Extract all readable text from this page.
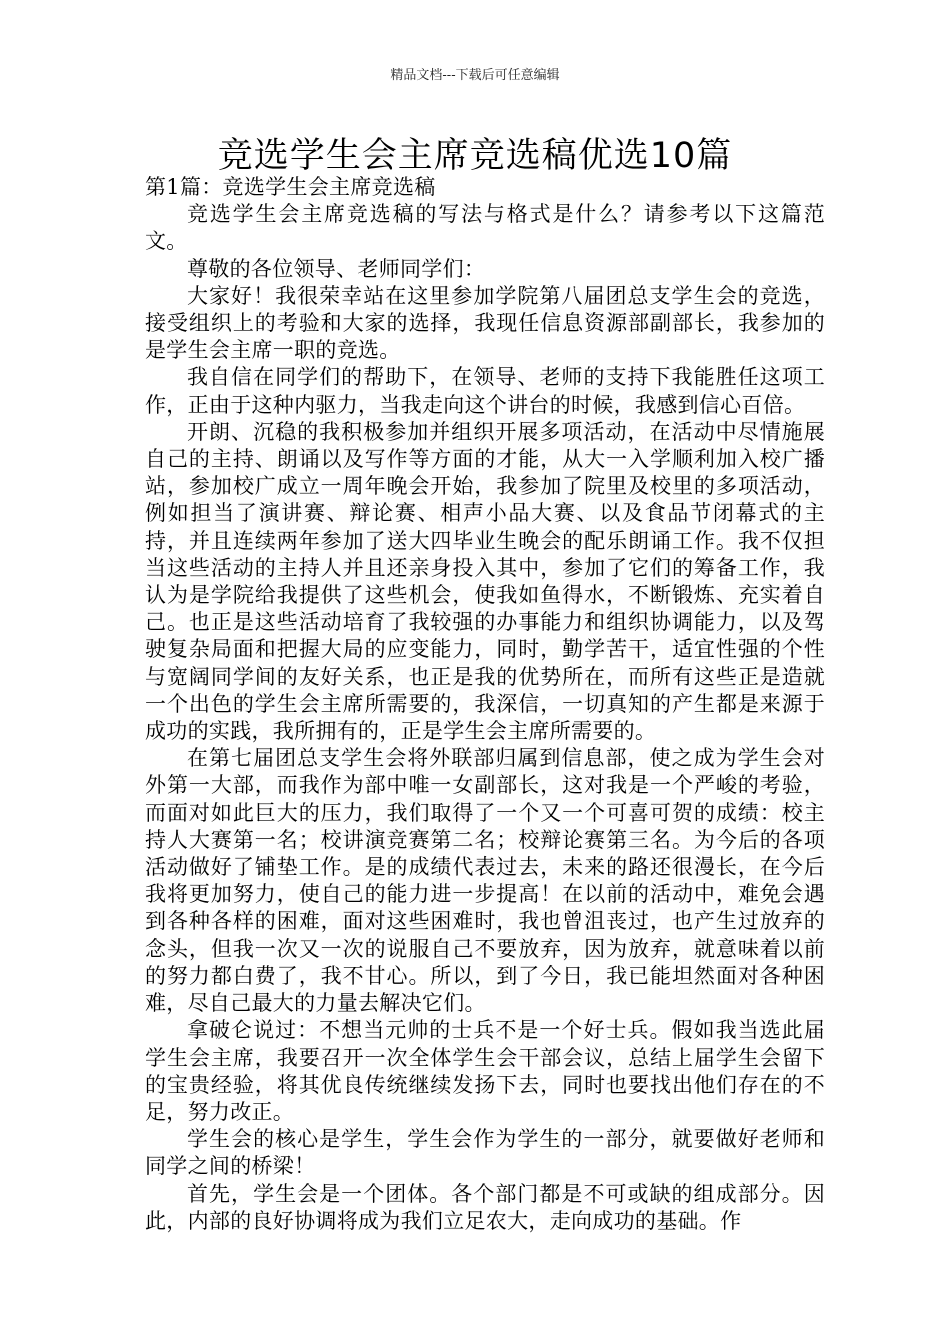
精品文档---下载后可任意编辑
竞选学生会主席竞选稿优选10篇

第1篇：竞选学生会主席竞选稿

竞选学生会主席竞选稿的写法与格式是什么？请参考以下这篇范文。

尊敬的各位领导、老师同学们：

大家好！我很荣幸站在这里参加学院第八届团总支学生会的竞选，接受组织上的考验和大家的选择，我现任信息资源部副部长，我参加的是学生会主席一职的竞选。

我自信在同学们的帮助下，在领导、老师的支持下我能胜任这项工作，正由于这种内驱力，当我走向这个讲台的时候，我感到信心百倍。

开朗、沉稳的我积极参加并组织开展多项活动，在活动中尽情施展自己的主持、朗诵以及写作等方面的才能，从大一入学顺利加入校广播站，参加校广成立一周年晚会开始，我参加了院里及校里的多项活动，例如担当了演讲赛、辩论赛、相声小品大赛、以及食品节闭幕式的主持，并且连续两年参加了送大四毕业生晚会的配乐朗诵工作。我不仅担当这些活动的主持人并且还亲身投入其中，参加了它们的筹备工作，我认为是学院给我提供了这些机会，使我如鱼得水，不断锻炼、充实着自己。也正是这些活动培育了我较强的办事能力和组织协调能力，以及驾驶复杂局面和把握大局的应变能力，同时，勤学苦干，适宜性强的个性与宽阔同学间的友好关系，也正是我的优势所在，而所有这些正是造就一个出色的学生会主席所需要的，我深信，一切真知的产生都是来源于成功的实践，我所拥有的，正是学生会主席所需要的。

在第七届团总支学生会将外联部归属到信息部，使之成为学生会对外第一大部，而我作为部中唯一女副部长，这对我是一个严峻的考验，而面对如此巨大的压力，我们取得了一个又一个可喜可贺的成绩：校主持人大赛第一名；校讲演竞赛第二名；校辩论赛第三名。为今后的各项活动做好了铺垫工作。是的成绩代表过去，未来的路还很漫长，在今后我将更加努力，使自己的能力进一步提高！在以前的活动中，难免会遇到各种各样的困难，面对这些困难时，我也曾沮丧过，也产生过放弃的念头，但我一次又一次的说服自己不要放弃，因为放弃，就意味着以前的努力都白费了，我不甘心。所以，到了今日，我已能坦然面对各种困难，尽自己最大的力量去解决它们。

拿破仑说过：不想当元帅的士兵不是一个好士兵。假如我当选此届学生会主席，我要召开一次全体学生会干部会议，总结上届学生会留下的宝贵经验，将其优良传统继续发扬下去，同时也要找出他们存在的不足，努力改正。

学生会的核心是学生，学生会作为学生的一部分，就要做好老师和同学之间的桥梁！

首先，学生会是一个团体。各个部门都是不可或缺的组成部分。因此，内部的良好协调将成为我们立足农大，走向成功的基础。作
